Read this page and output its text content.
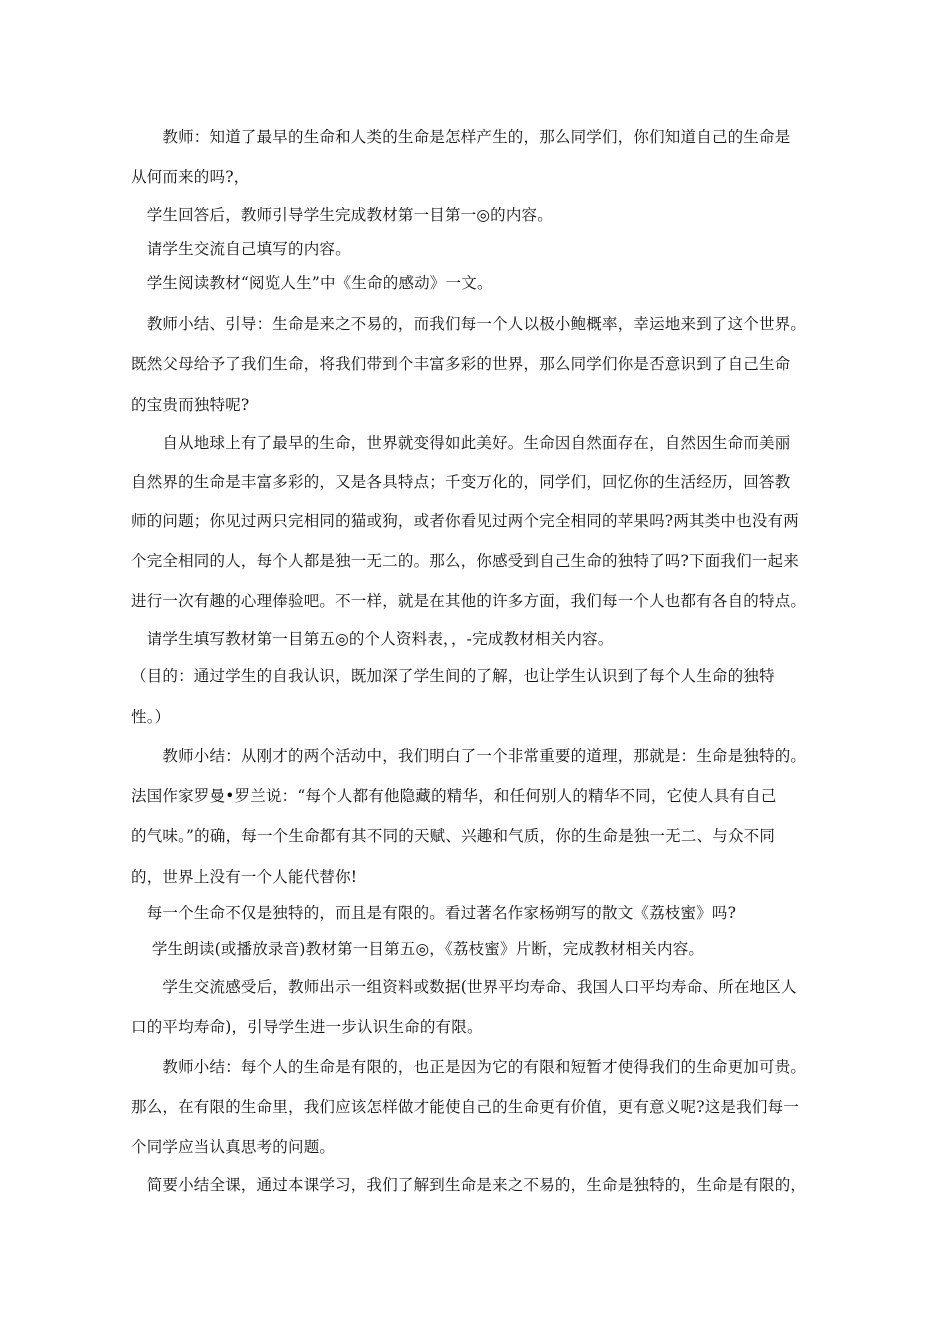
　　教师：知道了最早的生命和人类的生命是怎样产生的，那么同学们，你们知道自己的生命是
从何而来的吗?，
　学生回答后，教师引导学生完成教材第一目第一◎的内容。
　请学生交流自己填写的内容。
　学生阅读教材“阅览人生”中《生命的感动》一文。
　教师小结、引导：生命是来之不易的，而我们每一个人以极小鲍概率，幸运地来到了这个世界。
既然父母给予了我们生命，将我们带到个丰富多彩的世界，那么同学们你是否意识到了自己生命
的宝贵而独特呢?
　　自从地球上有了最早的生命，世界就变得如此美好。生命因自然面存在，自然因生命而美丽
自然界的生命是丰富多彩的，又是各具特点；千变万化的，同学们，回忆你的生活经历，回答教
师的问题；你见过两只完相同的猫或狗，或者你看见过两个完全相同的苹果吗?两其类中也没有两
个完全相同的人，每个人都是独一无二的。那么，你感受到自己生命的独特了吗?下面我们一起来
进行一次有趣的心理俸验吧。不一样，就是在其他的许多方面，我们每一个人也都有各自的特点。
　请学生填写教材第一目第五◎的个人资料表，，-完成教材相关内容。
（目的：通过学生的自我认识，既加深了学生间的了解，也让学生认识到了每个人生命的独特
性。）
　　教师小结：从刚才的两个活动中，我们明白了一个非常重要的道理，那就是：生命是独特的。
法国作家罗曼•罗兰说：“每个人都有他隐藏的精华，和任何别人的精华不同，它使人具有自己
的气味。”的确，每一个生命都有其不同的天赋、兴趣和气质，你的生命是独一无二、与众不同
的，世界上没有一个人能代替你!
　每一个生命不仅是独特的，而且是有限的。看过著名作家杨朔写的散文《荔枝蜜》吗?
　 学生朗读(或播放录音)教材第一目第五◎，《荔枝蜜》片断，完成教材相关内容。
　　学生交流感受后，教师出示一组资料或数据(世界平均寿命、我国人口平均寿命、所在地区人
口的平均寿命)，引导学生进一步认识生命的有限。
　　教师小结：每个人的生命是有限的，也正是因为它的有限和短暂才使得我们的生命更加可贵。
那么，在有限的生命里，我们应该怎样做才能使自己的生命更有价值，更有意义呢?这是我们每一
个同学应当认真思考的问题。
　简要小结全课，通过本课学习，我们了解到生命是来之不易的，生命是独特的，生命是有限的，
